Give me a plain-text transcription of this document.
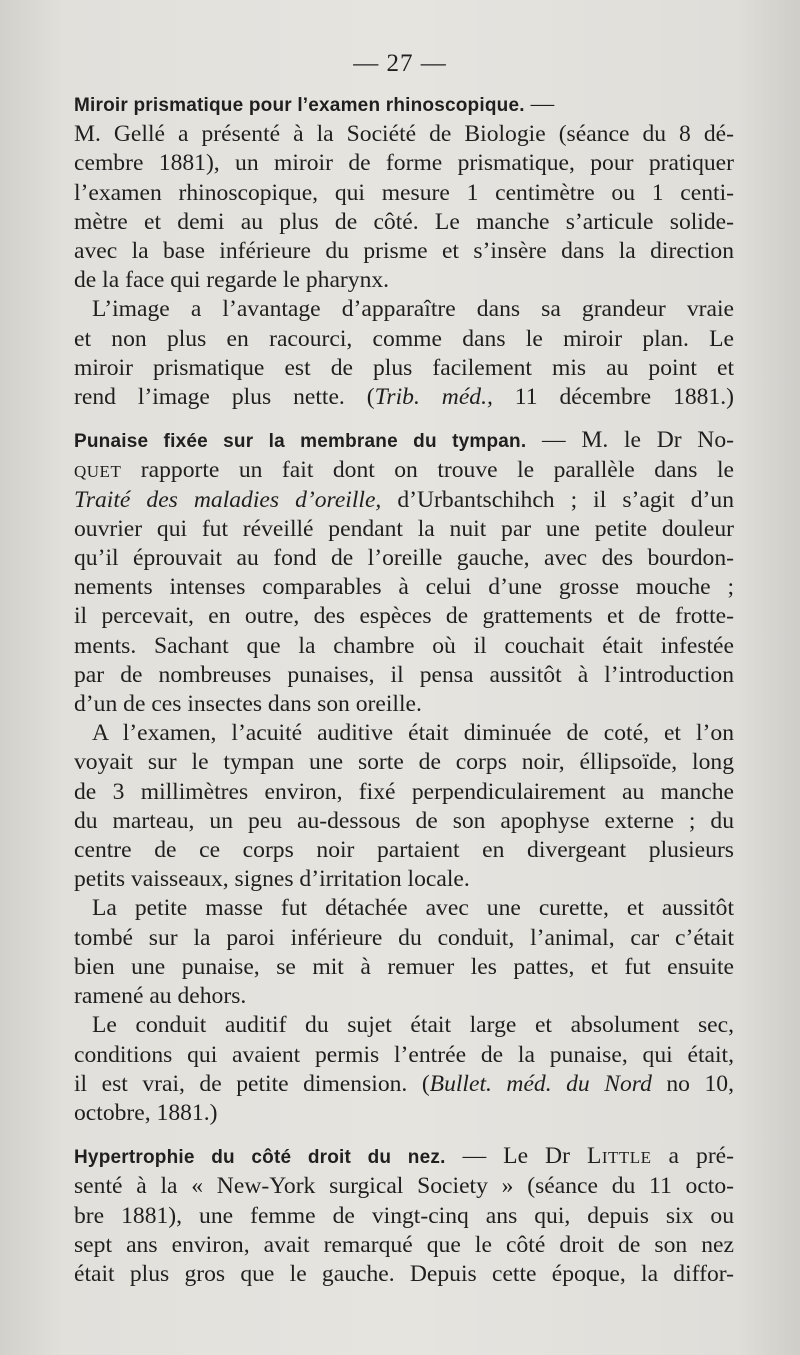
— 27 —

Miroir prismatique pour l’examen rhinoscopique. —

M. Gellé a présenté à la Société de Biologie (séance du 8 dé-
cembre 1881), un miroir de forme prismatique, pour pratiquer
l’examen rhinoscopique, qui mesure 1 centimètre ou 1 centi-
mètre et demi au plus de côté. Le manche s’articule solide-
avec la base inférieure du prisme et s’insère dans la direction
de la face qui regarde le pharynx.
L’image a l’avantage d’apparaître dans sa grandeur vraie
et non plus en racourci, comme dans le miroir plan. Le
miroir prismatique est de plus facilement mis au point et
rend l’image plus nette. (Trib. méd., 11 décembre 1881.)
Punaise fixée sur la membrane du tympan. — M. le Dr No-
quet rapporte un fait dont on trouve le parallèle dans le
Traité des maladies d’oreille, d’Urbantschihch ; il s’agit d’un
ouvrier qui fut réveillé pendant la nuit par une petite douleur
qu’il éprouvait au fond de l’oreille gauche, avec des bourdon-
nements intenses comparables à celui d’une grosse mouche ;
il percevait, en outre, des espèces de grattements et de frotte-
ments. Sachant que la chambre où il couchait était infestée
par de nombreuses punaises, il pensa aussitôt à l’introduction
d’un de ces insectes dans son oreille.
A l’examen, l’acuité auditive était diminuée de coté, et l’on
voyait sur le tympan une sorte de corps noir, éllipsoïde, long
de 3 millimètres environ, fixé perpendiculairement au manche
du marteau, un peu au-dessous de son apophyse externe ; du
centre de ce corps noir partaient en divergeant plusieurs
petits vaisseaux, signes d’irritation locale.
La petite masse fut détachée avec une curette, et aussitôt
tombé sur la paroi inférieure du conduit, l’animal, car c’était
bien une punaise, se mit à remuer les pattes, et fut ensuite
ramené au dehors.
Le conduit auditif du sujet était large et absolument sec,
conditions qui avaient permis l’entrée de la punaise, qui était,
il est vrai, de petite dimension. (Bullet. méd. du Nord no 10,
octobre, 1881.)
Hypertrophie du côté droit du nez. — Le Dr Little a pré-
senté à la « New-York surgical Society » (séance du 11 octo-
bre 1881), une femme de vingt-cinq ans qui, depuis six ou
sept ans environ, avait remarqué que le côté droit de son nez
était plus gros que le gauche. Depuis cette époque, la diffor-
